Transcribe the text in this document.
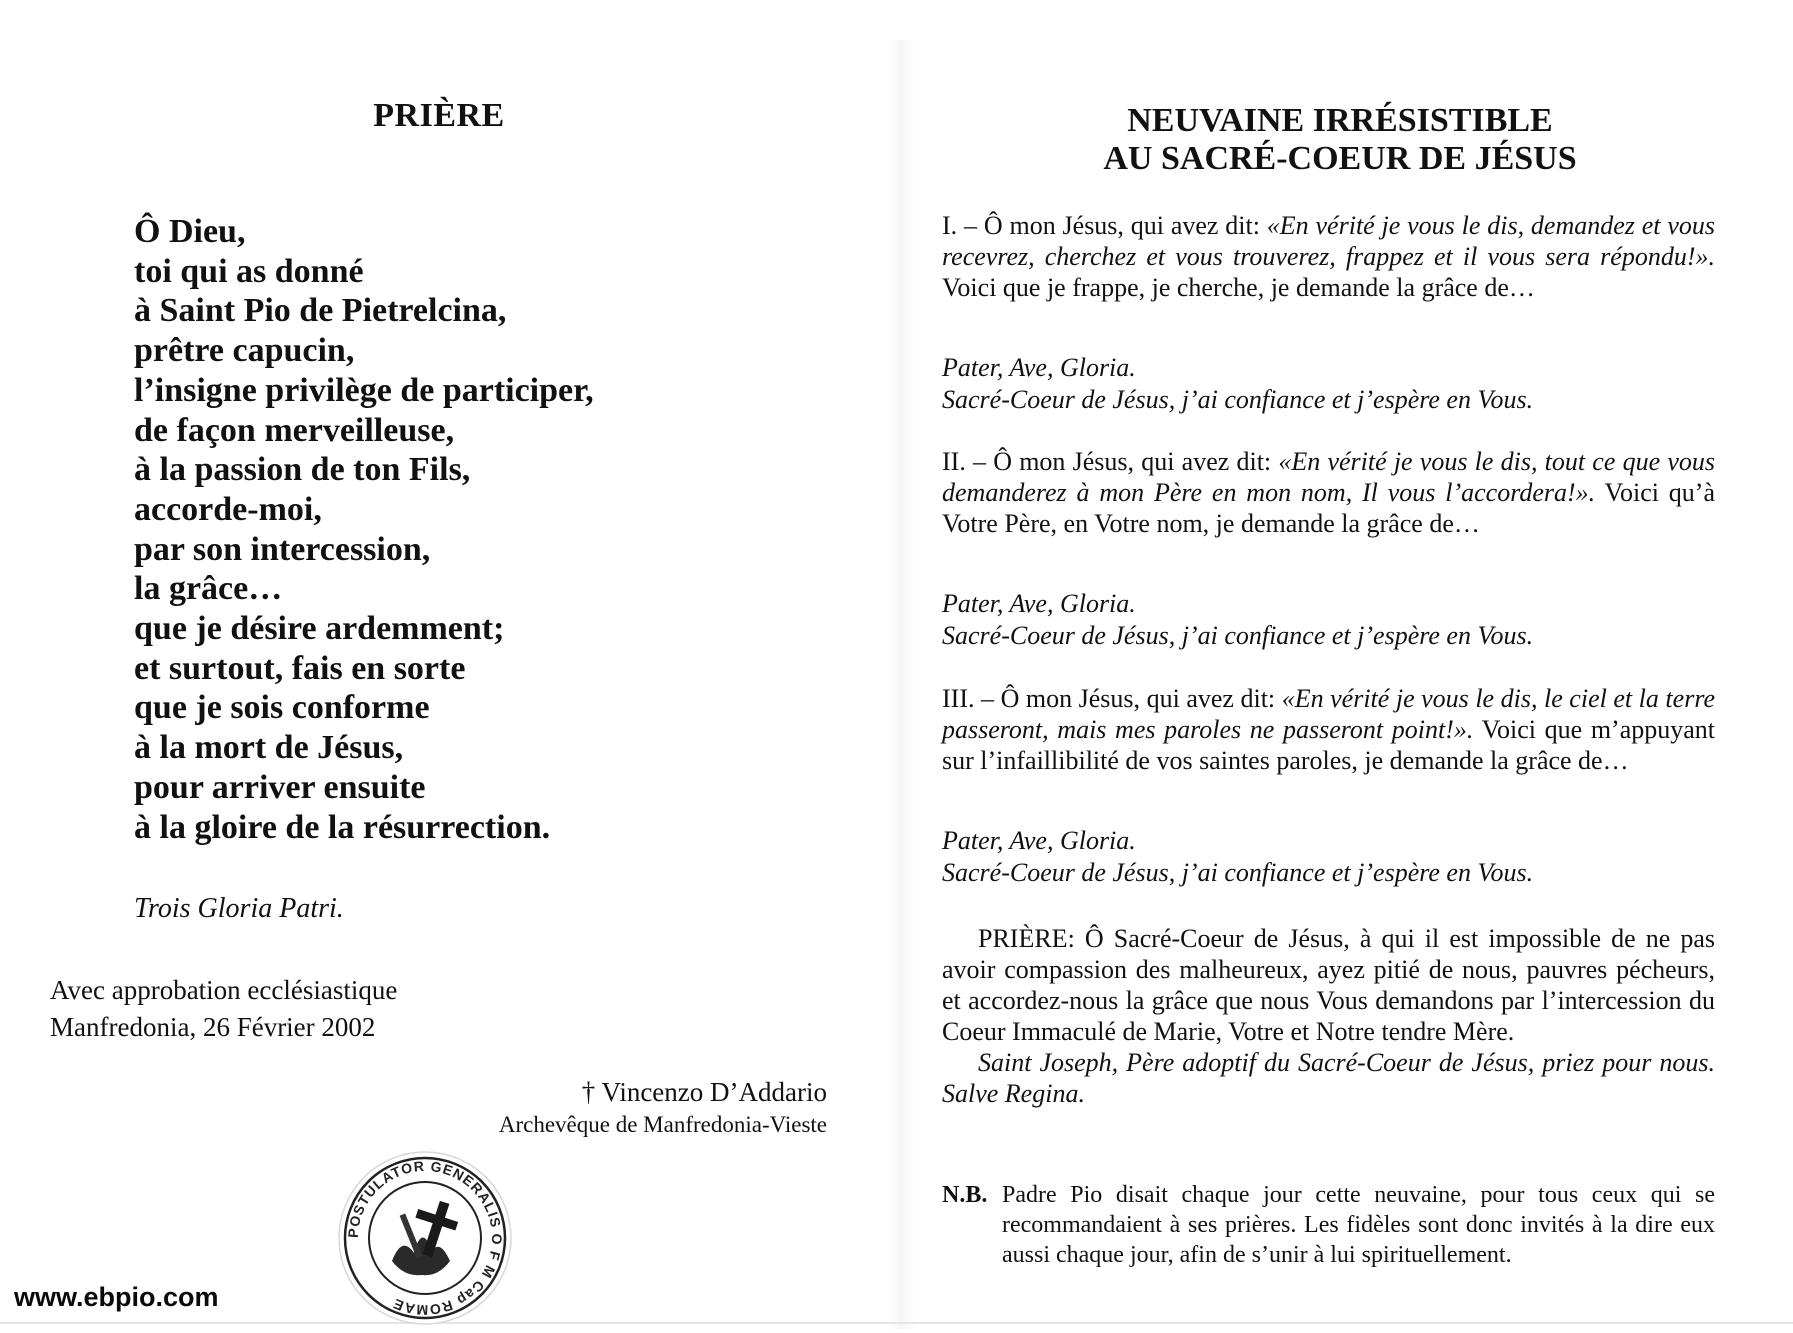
PRIÈRE
Ô Dieu,
toi qui as donné
à Saint Pio de Pietrelcina,
prêtre capucin,
l’insigne privilège de participer,
de façon merveilleuse,
à la passion de ton Fils,
accorde-moi,
par son intercession,
la grâce…
que je désire ardemment;
et surtout, fais en sorte
que je sois conforme
à la mort de Jésus,
pour arriver ensuite
à la gloire de la résurrection.

Trois Gloria Patri.

Avec approbation ecclésiastique
Manfredonia, 26 Février 2002
† Vincenzo D’Addario
Archevêque de Manfredonia-Vieste
POSTULATOR GENERALIS O F M Cap ROMAE
www.ebpio.com
NEUVAINE IRRÉSISTIBLE
AU SACRÉ-COEUR DE JÉSUS

I. – Ô mon Jésus, qui avez dit: «En vérité je vous le dis, demandez et vous recevrez, cherchez et vous trouverez, frappez et il vous sera répondu!». Voici que je frappe, je cherche, je demande la grâce de…

Pater, Ave, Gloria.
Sacré-Coeur de Jésus, j’ai confiance et j’espère en Vous.

II. – Ô mon Jésus, qui avez dit: «En vérité je vous le dis, tout ce que vous demanderez à mon Père en mon nom, Il vous l’accordera!». Voici qu’à Votre Père, en Votre nom, je demande la grâce de…

Pater, Ave, Gloria.
Sacré-Coeur de Jésus, j’ai confiance et j’espère en Vous.

III. – Ô mon Jésus, qui avez dit: «En vérité je vous le dis, le ciel et la terre passeront, mais mes paroles ne passeront point!». Voici que m’appuyant sur l’infaillibilité de vos saintes paroles, je demande la grâce de…

Pater, Ave, Gloria.
Sacré-Coeur de Jésus, j’ai confiance et j’espère en Vous.
PRIÈRE: Ô Sacré-Coeur de Jésus, à qui il est impossible de ne pas avoir compassion des malheureux, ayez pitié de nous, pauvres pécheurs, et accordez-nous la grâce que nous Vous demandons par l’intercession du Coeur Immaculé de Marie, Votre et Notre tendre Mère.
Saint Joseph, Père adoptif du Sacré-Coeur de Jésus, priez pour nous. Salve Regina.
N.B. Padre Pio disait chaque jour cette neuvaine, pour tous ceux qui se recommandaient à ses prières. Les fidèles sont donc invités à la dire eux aussi chaque jour, afin de s’unir à lui spirituellement.
